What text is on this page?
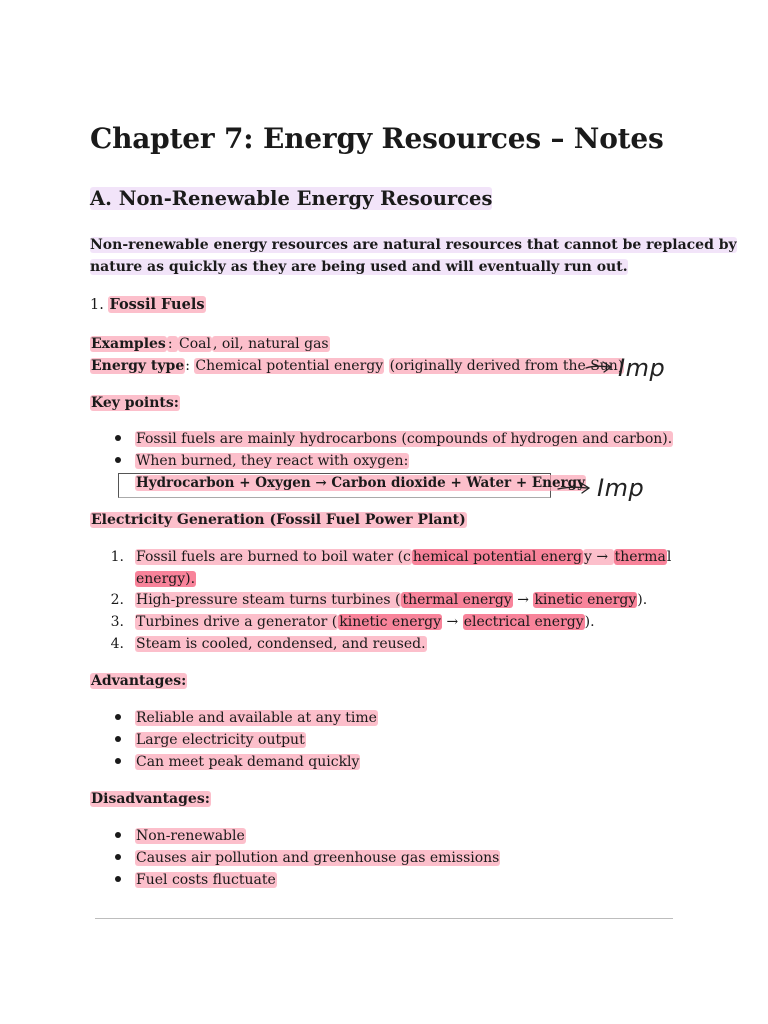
Chapter 7: Energy Resources – Notes
A. Non-Renewable Energy Resources
Non-renewable energy resources are natural resources that cannot be replaced by
nature as quickly as they are being used and will eventually run out.
1. Fossil Fuels
Examples : Coal , oil, natural gas
Energy type: Chemical potential energy (originally derived from the Sun)
Imp
Key points:
Fossil fuels are mainly hydrocarbons (compounds of hydrogen and carbon).
When burned, they react with oxygen:
Hydrocarbon + Oxygen → Carbon dioxide + Water + Energy Imp
Electricity Generation (Fossil Fuel Power Plant)
1. Fossil fuels are burned to boil water (c hemical potential energ y → thermal
energy).
2. High-pressure steam turns turbines ( thermal energy → kinetic energy).
3. Turbines drive a generator ( kinetic energy → electrical energy).
4. Steam is cooled, condensed, and reused.
Advantages:
Reliable and available at any time
Large electricity output
Can meet peak demand quickly
Disadvantages:
Non-renewable
Causes air pollution and greenhouse gas emissions
Fuel costs fluctuate
